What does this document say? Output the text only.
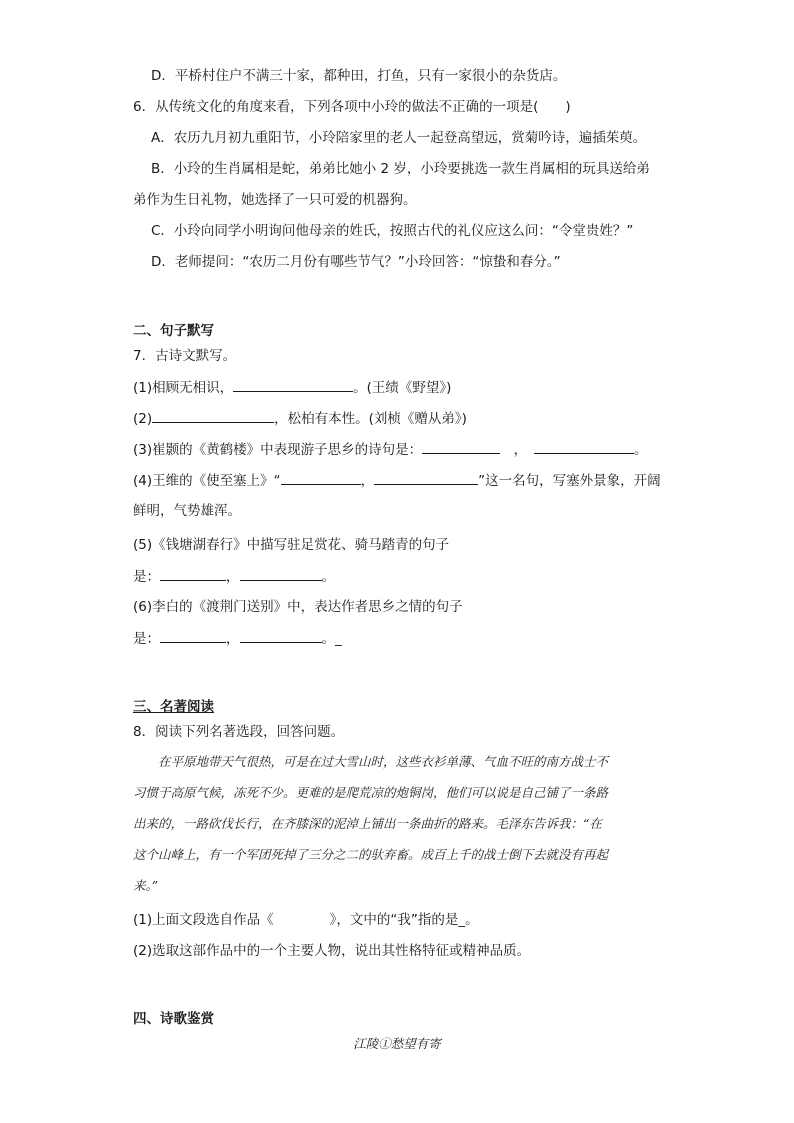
D．平桥村住户不满三十家，都种田，打鱼，只有一家很小的杂货店。
6．从传统文化的角度来看，下列各项中小玲的做法不正确的一项是(　　)
A．农历九月初九重阳节，小玲陪家里的老人一起登高望远，赏菊吟诗，遍插茱萸。
B．小玲的生肖属相是蛇，弟弟比她小 2 岁，小玲要挑选一款生肖属相的玩具送给弟
弟作为生日礼物，她选择了一只可爱的机器狗。
C．小玲向同学小明询问他母亲的姓氏，按照古代的礼仪应这么问：“令堂贵姓？”
D．老师提问：“农历二月份有哪些节气？”小玲回答：“惊蛰和春分。”
二、句子默写
7．古诗文默写。
(1)相顾无相识，	。(王绩《野望》)
(2)	，松柏有本性。(刘桢《赠从弟》)
(3)崔颢的《黄鹤楼》中表现游子思乡的诗句是：	　，　	。
(4)王维的《使至塞上》“	，	”这一名句，写塞外景象，开阔
鲜明，气势雄浑。
(5)《钱塘湖春行》中描写驻足赏花、骑马踏青的句子
是：	，	。
(6)李白的《渡荆门送别》中，表达作者思乡之情的句子
是：	，	。_
三、名著阅读
8．阅读下列名著选段，回答问题。
　　在平原地带天气很热，可是在过大雪山时，这些衣衫单薄、气血不旺的南方战士不
习惯于高原气候，冻死不少。更难的是爬荒凉的炮铜岗，他们可以说是自己铺了一条路
出来的，一路砍伐长行，在齐膝深的泥淖上铺出一条曲折的路来。毛泽东告诉我：“在
这个山峰上，有一个军团死掉了三分之二的驮弃畜。成百上千的战士倒下去就没有再起
来。”
(1)上面文段选自作品《	》，文中的“我”指的是_。
(2)选取这部作品中的一个主要人物，说出其性格特征或精神品质。
四、诗歌鉴赏
江陵①愁望有寄
